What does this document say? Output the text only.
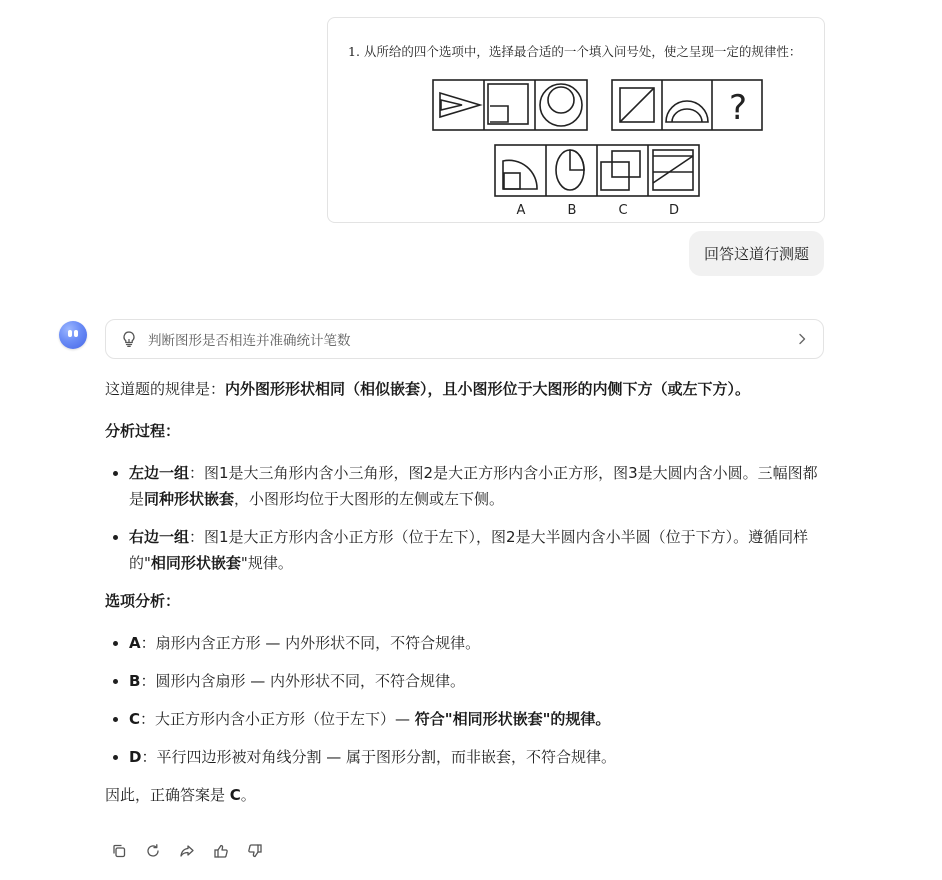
1. 从所给的四个选项中，选择最合适的一个填入问号处，使之呈现一定的规律性：
?
A	B	C	D
回答这道行测题
判断图形是否相连并准确统计笔数

这道题的规律是：内外图形形状相同（相似嵌套），且小图形位于大图形的内侧下方（或左下方）。

分析过程：

• 左边一组：图1是大三角形内含小三角形，图2是大正方形内含小正方形，图3是大圆内含小圆。三幅图都是同种形状嵌套，小图形均位于大图形的左侧或左下侧。
• 右边一组：图1是大正方形内含小正方形（位于左下），图2是大半圆内含小半圆（位于下方）。遵循同样的"相同形状嵌套"规律。

选项分析：

• A：扇形内含正方形 — 内外形状不同，不符合规律。
• B：圆形内含扇形 — 内外形状不同，不符合规律。
• C：大正方形内含小正方形（位于左下）— 符合"相同形状嵌套"的规律。
• D：平行四边形被对角线分割 — 属于图形分割，而非嵌套，不符合规律。

因此，正确答案是 C。
